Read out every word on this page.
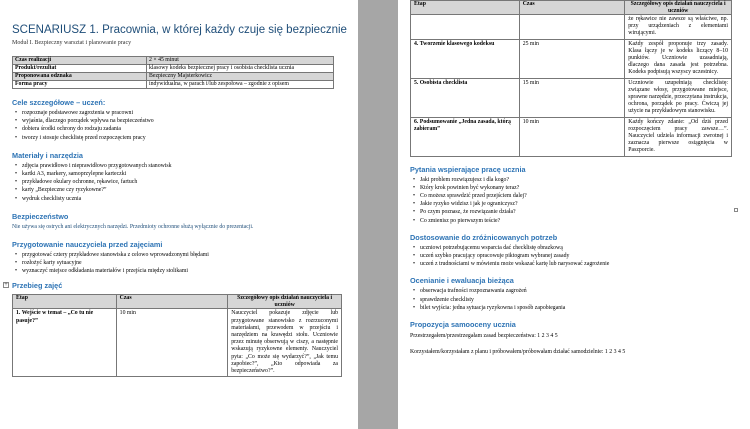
SCENARIUSZ 1. Pracownia, w której każdy czuje się bezpiecznie
Moduł I. Bezpieczny warsztat i planowanie pracy
Czas realizacji	2 × 45 minut
Produkt/rezultat	klasowy kodeks bezpiecznej pracy i osobista checklista ucznia
Proponowana odznaka	Bezpieczny Majsterkowicz
Forma pracy	indywidualna, w parach i/lub zespołowa – zgodnie z opisem
Cele szczegółowe – uczeń:
• rozpoznaje podstawowe zagrożenia w pracowni
• wyjaśnia, dlaczego porządek wpływa na bezpieczeństwo
• dobiera środki ochrony do rodzaju zadania
• tworzy i stosuje checklistę przed rozpoczęciem pracy
Materiały i narzędzia
• zdjęcia prawidłowo i nieprawidłowo przygotowanych stanowisk
• kartki A3, markery, samoprzylepne karteczki
• przykładowe okulary ochronne, rękawice, fartuch
• karty „Bezpieczne czy ryzykowne?”
• wydruk checklisty ucznia
Bezpieczeństwo

Nie używa się ostrych ani elektrycznych narzędzi. Przedmioty ochronne służą wyłącznie do prezentacji.

Przygotowanie nauczyciela przed zajęciami
• przygotować cztery przykładowe stanowiska z celowo wprowadzonymi błędami
• rozłożyć karty sytuacyjne
• wyznaczyć miejsce odkładania materiałów i przejścia między stolikami
+ Przebieg zajęć
Etap	Czas	Szczegółowy opis działań nauczyciela i uczniów
1. Wejście w temat – „Co tu nie pasuje?”	10 min	Nauczyciel pokazuje zdjęcie lub przygotowane stanowisko z rozrzuconymi materiałami, przewodem w przejściu i narzędziem na krawędzi stołu. Uczniowie przez minutę obserwują w ciszy, a następnie wskazują ryzykowne elementy. Nauczyciel pyta: „Co może się wydarzyć?”, „Jak temu zapobiec?”, „Kto odpowiada za bezpieczeństwo?”.
Etap	Czas	Szczegółowy opis działań nauczyciela i uczniów
		że rękawice nie zawsze są właściwe, np. przy urządzeniach z elementami wirującymi.
4. Tworzenie klasowego kodeksu	25 min	Każdy zespół proponuje trzy zasady. Klasa łączy je w kodeks liczący 8–10 punktów. Uczniowie uzasadniają, dlaczego dana zasada jest potrzebna. Kodeks podpisują wszyscy uczestnicy.
5. Osobista checklista	15 min	Uczniowie uzupełniają checklistę: związane włosy, przygotowane miejsce, sprawne narzędzie, przeczytana instrukcja, ochrona, porządek po pracy. Ćwiczą jej użycie na przykładowym stanowisku.
6. Podsumowanie „Jedna zasada, którą zabieram”	10 min	Każdy kończy zdanie: „Od dziś przed rozpoczęciem pracy zawsze…”. Nauczyciel udziela informacji zwrotnej i zaznacza pierwsze osiągnięcia w Paszporcie.
Pytania wspierające pracę ucznia
• Jaki problem rozwiązujesz i dla kogo?
• Który krok powinien być wykonany teraz?
• Co możesz sprawdzić przed przejściem dalej?
• Jakie ryzyko widzisz i jak je ograniczysz?
• Po czym poznasz, że rozwiązanie działa?
• Co zmienisz po pierwszym teście?
Dostosowanie do zróżnicowanych potrzeb
• uczniowi potrzebującemu wsparcia dać checklistę obrazkową
• uczeń szybko pracujący opracowuje piktogram wybranej zasady
• uczeń z trudnościami w mówieniu może wskazać kartę lub narysować zagrożenie
Ocenianie i ewaluacja bieżąca
• obserwacja trafności rozpoznawania zagrożeń
• sprawdzenie checklisty
• bilet wyjścia: jedna sytuacja ryzykowna i sposób zapobiegania
Propozycja samooceny ucznia

Przestrzegałem/przestrzegałam zasad bezpieczeństwa: 1 2 3 4 5

Korzystałem/korzystałam z planu i próbowałem/próbowałam działać samodzielnie: 1 2 3 4 5
